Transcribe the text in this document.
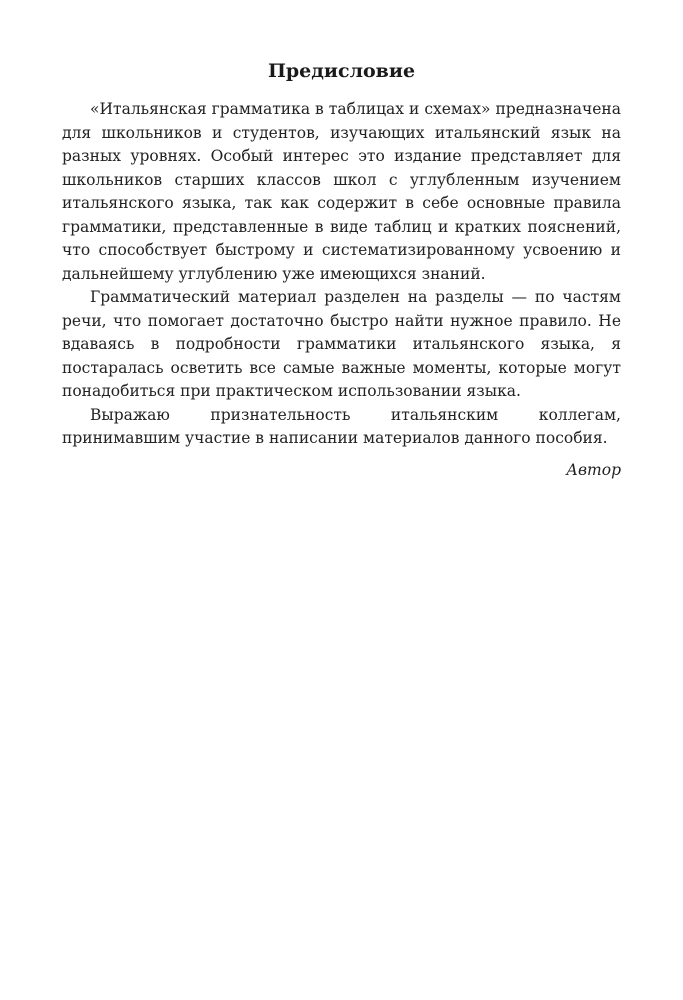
Предисловие

«Итальянская грамматика в таблицах и схемах» предназначена для школьников и студентов, изучающих итальянский язык на разных уровнях. Особый интерес это издание представляет для школьников старших классов школ с углубленным изучением итальянского языка, так как содержит в себе основные правила грамматики, представленные в виде таблиц и кратких пояснений, что способствует быстрому и систематизированному усвоению и дальнейшему углублению уже имеющихся знаний.

Грамматический материал разделен на разделы — по частям речи, что помогает достаточно быстро найти нужное правило. Не вдаваясь в подробности грамматики итальянского языка, я постаралась осветить все самые важные моменты, которые могут понадобиться при практическом использовании языка.

Выражаю признательность итальянским коллегам, принимавшим участие в написании материалов данного пособия.

Автор
